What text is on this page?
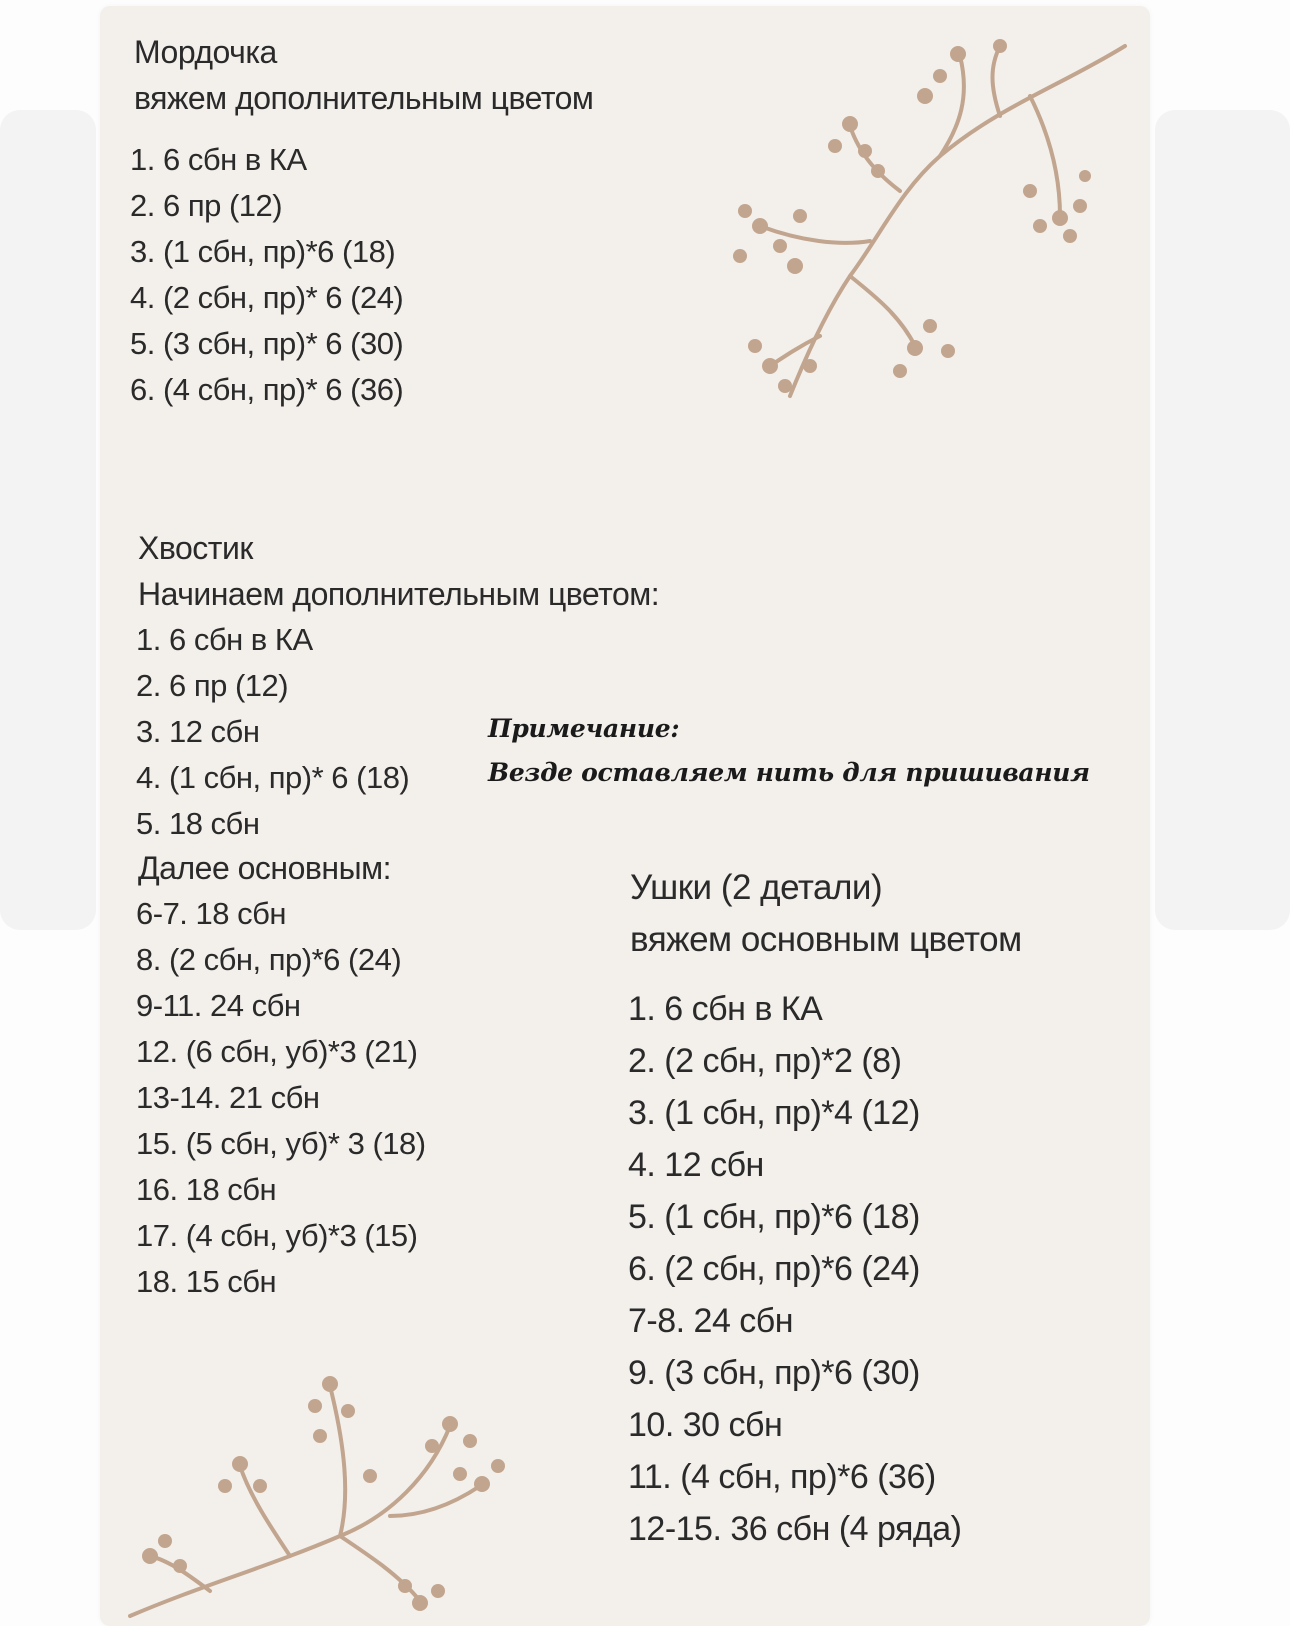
Мордочка

вяжем дополнительным цветом

1. 6 сбн в КА
2. 6 пр (12)
3. (1 сбн, пр)*6 (18)
4. (2 сбн, пр)* 6 (24)
5. (3 сбн, пр)* 6 (30)
6. (4 сбн, пр)* 6 (36)

Хвостик

Начинаем дополнительным цветом:

1. 6 сбн в КА
2. 6 пр (12)
3. 12 сбн
4. (1 сбн, пр)* 6 (18)
5. 18 сбн

Далее основным:

6-7. 18 сбн
8. (2 сбн, пр)*6 (24)
9-11. 24 сбн
12. (6 сбн, уб)*3 (21)
13-14. 21 сбн
15. (5 сбн, уб)* 3 (18)
16. 18 сбн
17. (4 сбн, уб)*3 (15)
18. 15 сбн

Примечание:

Везде оставляем нить для пришивания

Ушки (2 детали)

вяжем основным цветом

1. 6 сбн в КА
2. (2 сбн, пр)*2 (8)
3. (1 сбн, пр)*4 (12)
4. 12 сбн
5. (1 сбн, пр)*6 (18)
6. (2 сбн, пр)*6 (24)
7-8. 24 сбн
9. (3 сбн, пр)*6 (30)
10. 30 сбн
11. (4 сбн, пр)*6 (36)
12-15. 36 сбн (4 ряда)
